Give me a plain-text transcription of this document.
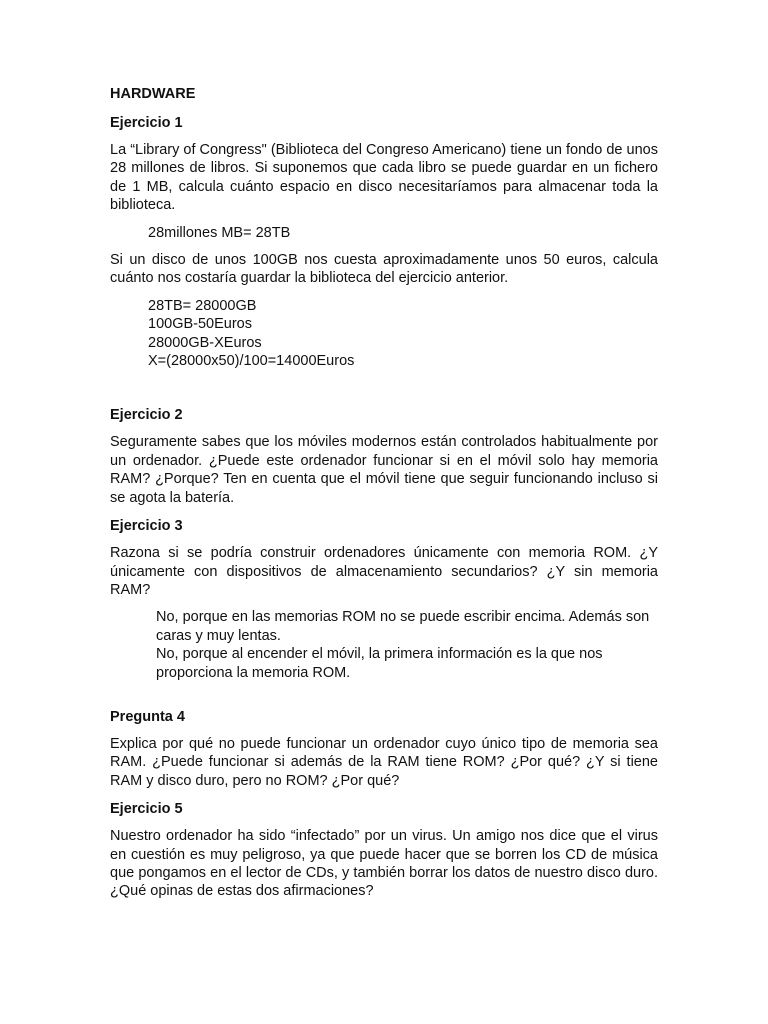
HARDWARE
Ejercicio 1

La “Library of Congress" (Biblioteca del Congreso Americano) tiene un fondo de unos 28 millones de libros. Si suponemos que cada libro se puede guardar en un fichero de 1 MB, calcula cuánto espacio en disco necesitaríamos para almacenar toda la biblioteca.

28millones MB= 28TB

Si un disco de unos 100GB nos cuesta aproximadamente unos 50 euros, calcula cuánto nos costaría guardar la biblioteca del ejercicio anterior.

28TB= 28000GB
100GB-50Euros
28000GB-XEuros
X=(28000x50)/100=14000Euros
Ejercicio 2

Seguramente sabes que los móviles modernos están controlados habitualmente por un ordenador. ¿Puede este ordenador funcionar si en el móvil solo hay memoria RAM? ¿Porque? Ten en cuenta que el móvil tiene que seguir funcionando incluso si se agota la batería.

Ejercicio 3

Razona si se podría construir ordenadores únicamente con memoria ROM. ¿Y únicamente con dispositivos de almacenamiento secundarios? ¿Y sin memoria RAM?

No, porque en las memorias ROM no se puede escribir encima. Además son caras y muy lentas.
No, porque al encender el móvil, la primera información es la que nos proporciona la memoria ROM.
Pregunta 4

Explica por qué no puede funcionar un ordenador cuyo único tipo de memoria sea RAM. ¿Puede funcionar si además de la RAM tiene ROM? ¿Por qué? ¿Y si tiene RAM y disco duro, pero no ROM? ¿Por qué?

Ejercicio 5

Nuestro ordenador ha sido “infectado” por un virus. Un amigo nos dice que el virus en cuestión es muy peligroso, ya que puede hacer que se borren los CD de música que pongamos en el lector de CDs, y también borrar los datos de nuestro disco duro. ¿Qué opinas de estas dos afirmaciones?
